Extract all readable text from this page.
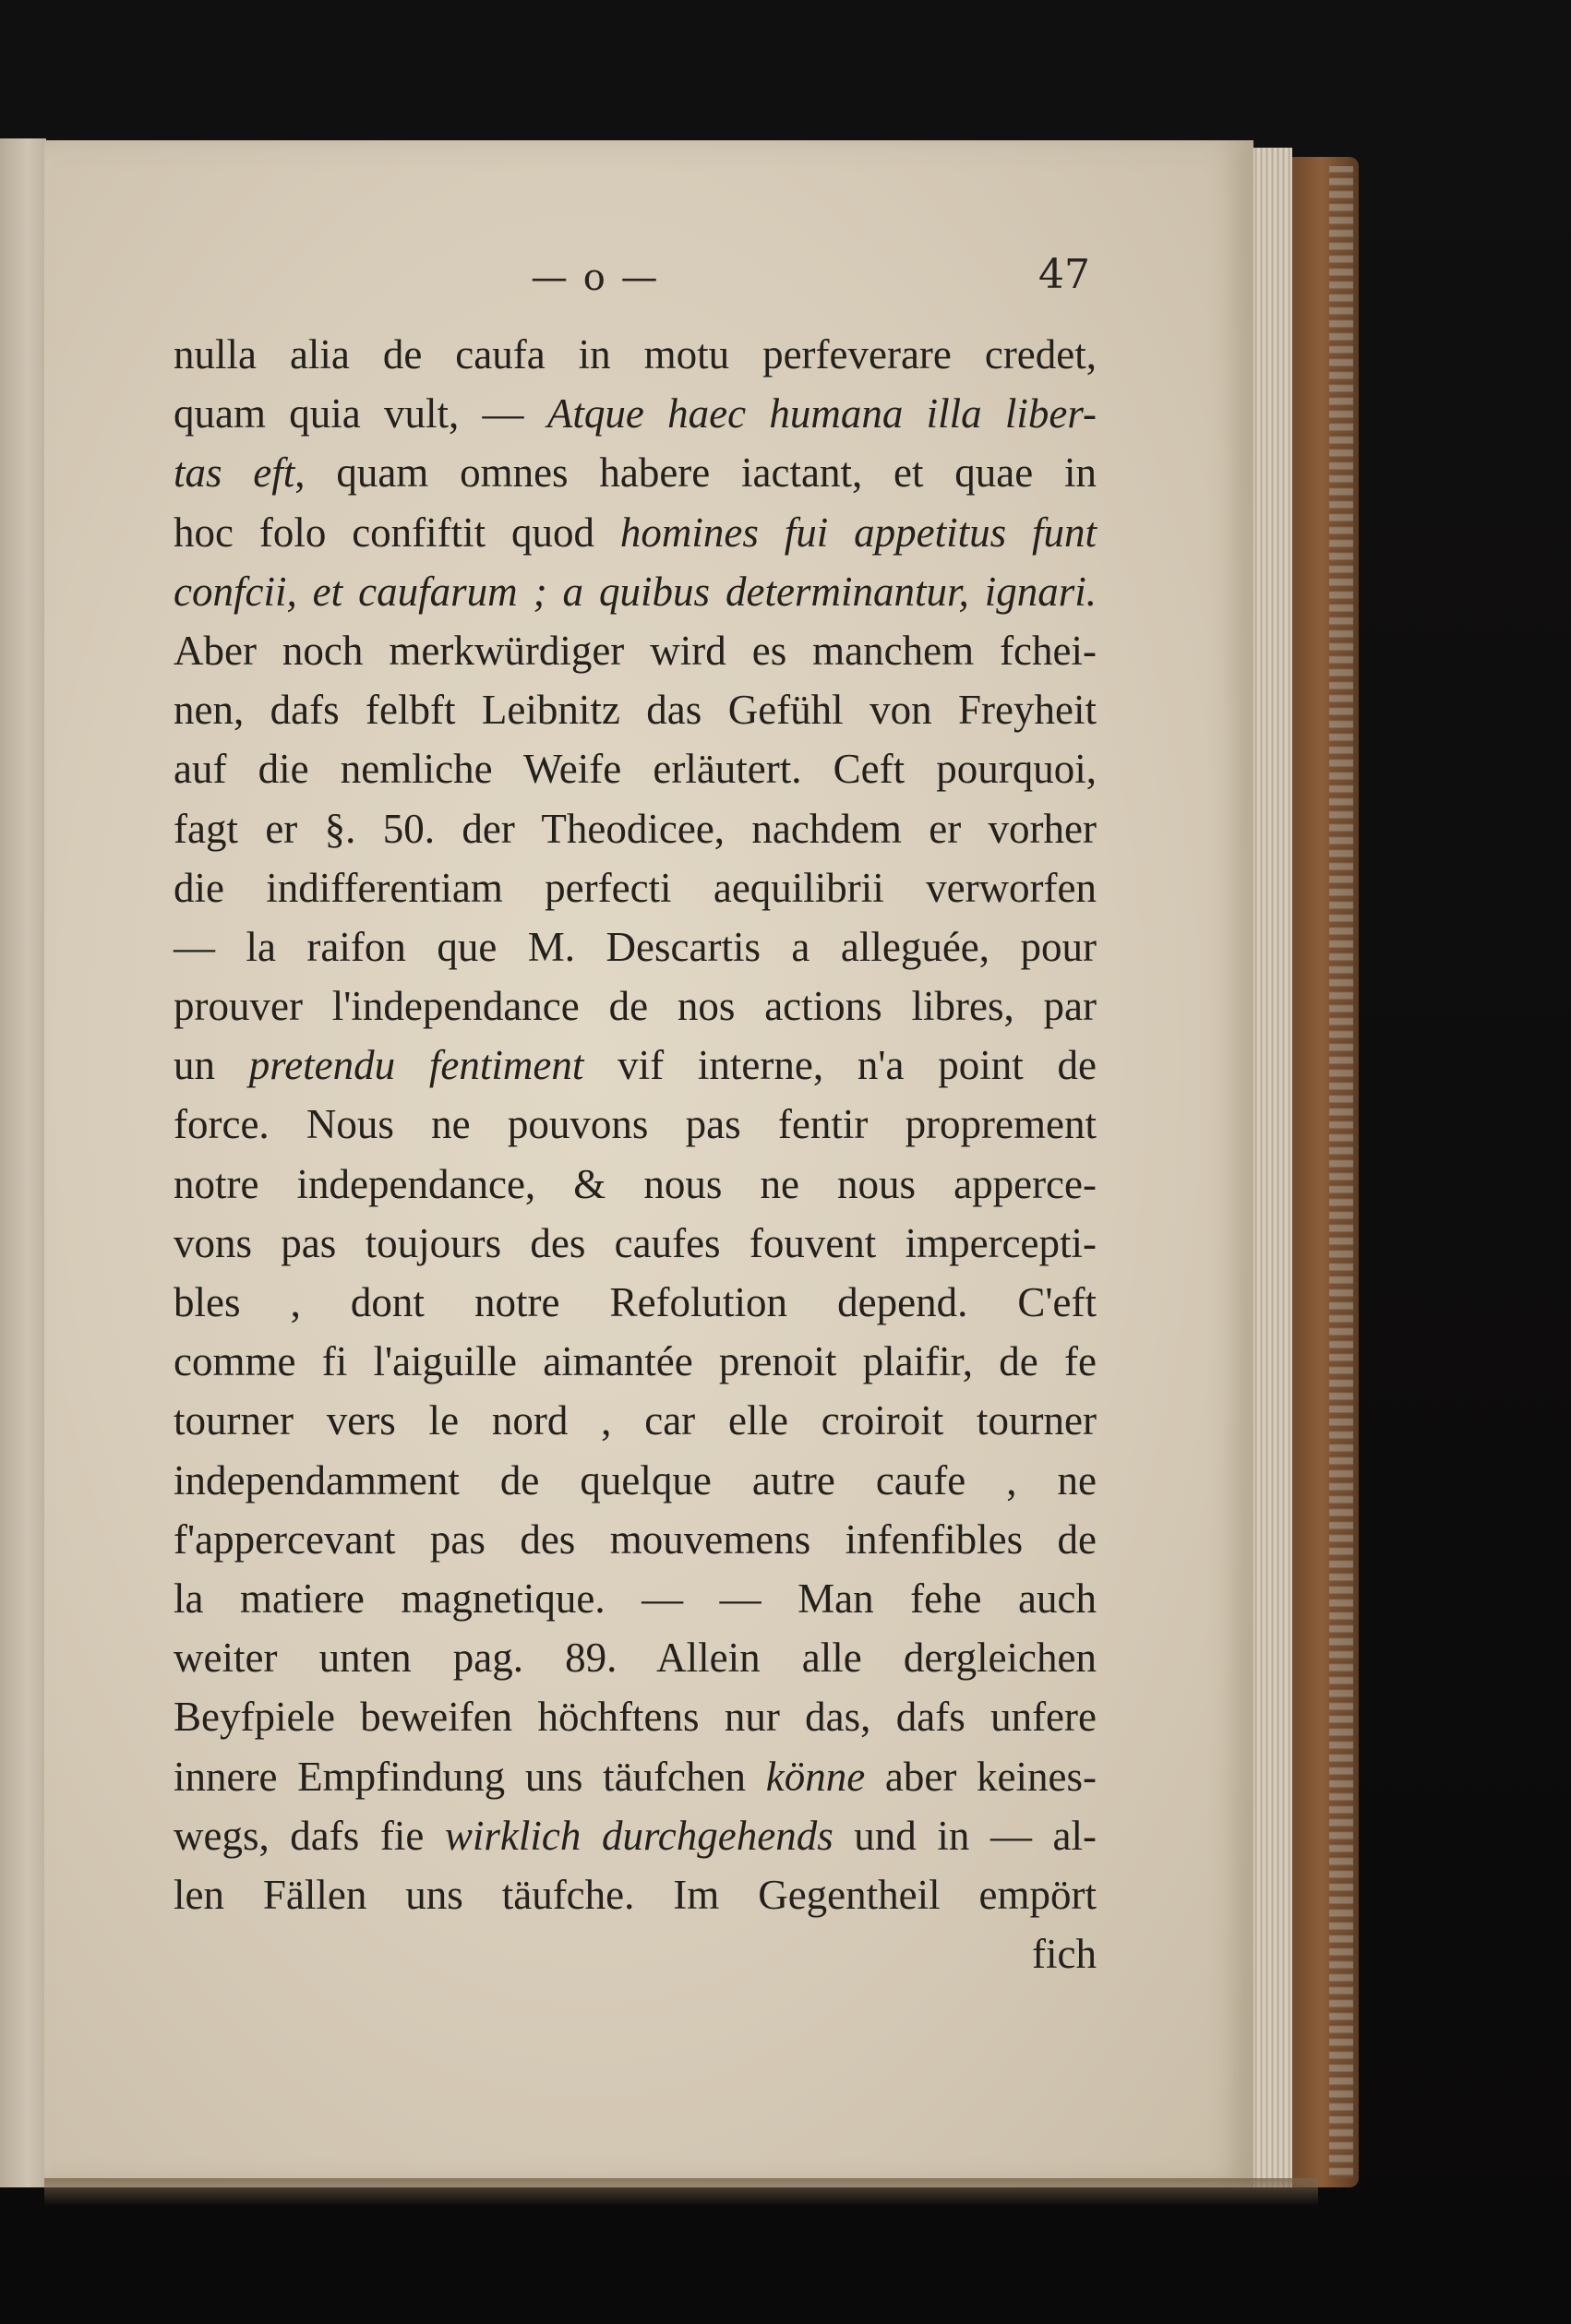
— o —	47
nulla alia de caufa in motu perfeverare credet,
quam quia vult, — Atque haec humana illa liber-
tas eft, quam omnes habere iactant, et quae in
hoc folo confiftit quod homines fui appetitus funt
confcii, et caufarum ; a quibus determinantur, ignari.
Aber noch merkwürdiger wird es manchem fchei-
nen, dafs felbft Leibnitz das Gefühl von Freyheit
auf die nemliche Weife erläutert. Ceft pourquoi,
fagt er §. 50. der Theodicee, nachdem er vorher
die indifferentiam perfecti aequilibrii verworfen
— la raifon que M. Descartis a alleguée, pour
prouver l'independance de nos actions libres, par
un pretendu fentiment vif interne, n'a point de
force. Nous ne pouvons pas fentir proprement
notre independance, & nous ne nous apperce-
vons pas toujours des caufes fouvent impercepti-
bles , dont notre Refolution depend. C'eft
comme fi l'aiguille aimantée prenoit plaifir, de fe
tourner vers le nord , car elle croiroit tourner
independamment de quelque autre caufe , ne
f'appercevant pas des mouvemens infenfibles de
la matiere magnetique. — — Man fehe auch
weiter unten pag. 89. Allein alle dergleichen
Beyfpiele beweifen höchftens nur das, dafs unfere
innere Empfindung uns täufchen könne aber keines-
wegs, dafs fie wirklich durchgehends und in — al-
len Fällen uns täufche. Im Gegentheil empört
fich
